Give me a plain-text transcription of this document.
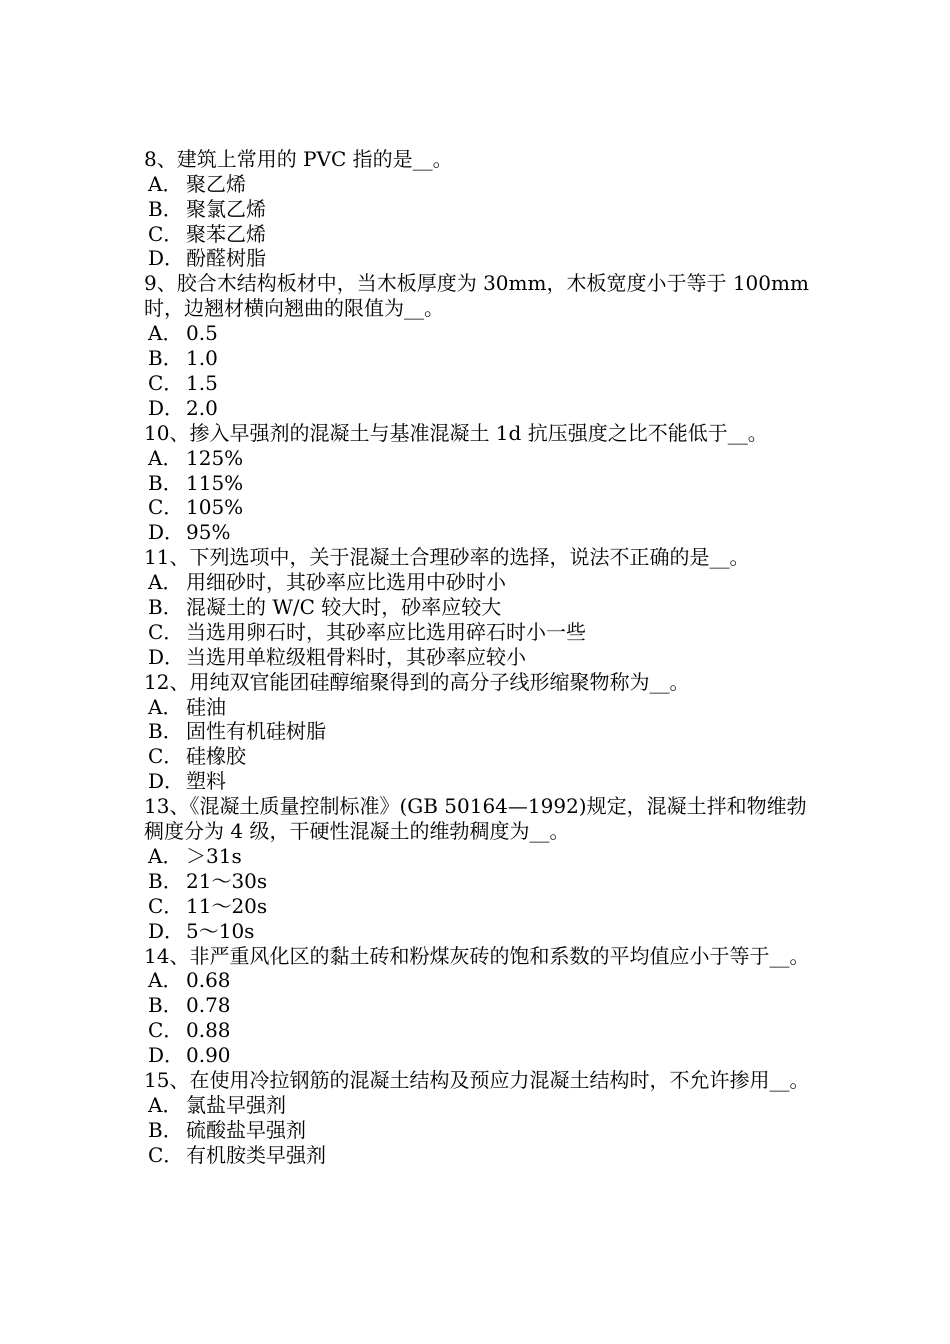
8、建筑上常用的 PVC 指的是__。
A． 聚乙烯
B． 聚氯乙烯
C． 聚苯乙烯
D．酚醛树脂
9、胶合木结构板材中，当木板厚度为 30mm，木板宽度小于等于 100mm 时，边翘材横向翘曲的限值为__。
A． 0.5
B． 1.0
C． 1.5
D．2.0
10、掺入早强剂的混凝土与基准混凝土 1d 抗压强度之比不能低于__。
A． 125%
B． 115%
C． 105%
D．95%
11、下列选项中，关于混凝土合理砂率的选择，说法不正确的是__。
A． 用细砂时，其砂率应比选用中砂时小
B． 混凝土的 W/C 较大时，砂率应较大
C． 当选用卵石时，其砂率应比选用碎石时小一些
D．当选用单粒级粗骨料时，其砂率应较小
12、用纯双官能团硅醇缩聚得到的高分子线形缩聚物称为__。
A． 硅油
B． 固性有机硅树脂
C． 硅橡胶
D．塑料
13、《混凝土质量控制标准》(GB 50164—1992)规定，混凝土拌和物维勃稠度分为 4 级，干硬性混凝土的维勃稠度为__。
A． ＞31s
B． 21～30s
C． 11～20s
D．5～10s
14、非严重风化区的黏土砖和粉煤灰砖的饱和系数的平均值应小于等于__。
A． 0.68
B． 0.78
C． 0.88
D．0.90
15、在使用冷拉钢筋的混凝土结构及预应力混凝土结构时，不允许掺用__。
A． 氯盐早强剂
B． 硫酸盐早强剂
C． 有机胺类早强剂
